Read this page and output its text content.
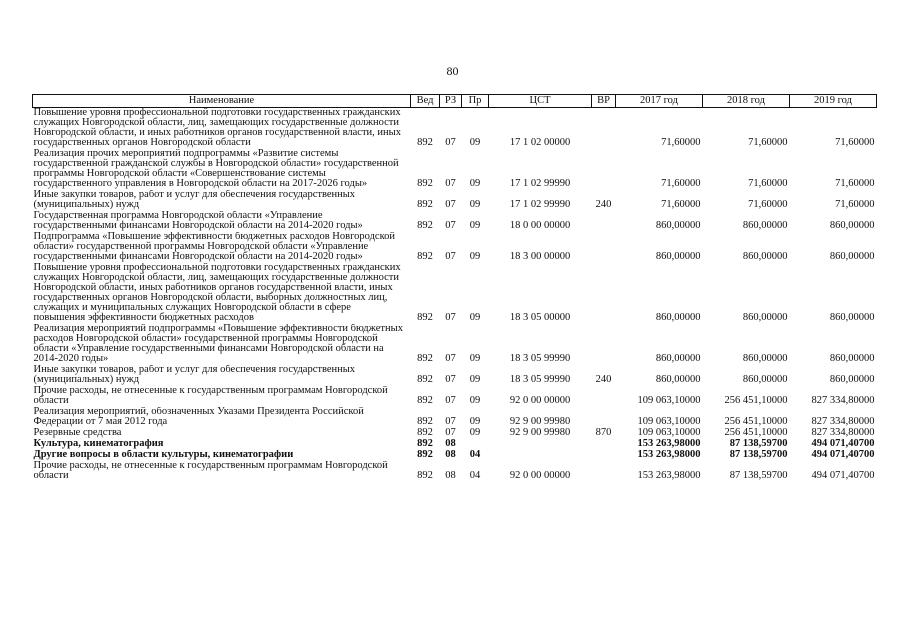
80
Наименование	Вед	РЗ	Пр	ЦСТ	ВР	2017 год	2018 год	2019 год
Повышение уровня профессиональной подготовки государственных гражданских служащих Новгородской области, лиц, замещающих государственные должности Новгородской области, и иных работников органов государственной власти, иных государственных органов Новгородской области	892	07	09	17 1 02 00000		71,60000	71,60000	71,60000
Реализация прочих мероприятий подпрограммы «Развитие системы государственной гражданской службы в Новгородской области» государственной программы Новгородской области «Совершенствование системы государственного управления в Новгородской области на 2017-2026 годы»	892	07	09	17 1 02 99990		71,60000	71,60000	71,60000
Иные закупки товаров, работ и услуг для обеспечения государственных (муниципальных) нужд	892	07	09	17 1 02 99990	240	71,60000	71,60000	71,60000
Государственная программа Новгородской области «Управление государственными финансами Новгородской области на 2014-2020 годы»	892	07	09	18 0 00 00000		860,00000	860,00000	860,00000
Подпрограмма «Повышение эффективности бюджетных расходов Новгородской области» государственной программы Новгородской области «Управление государственными финансами Новгородской области на 2014-2020 годы»	892	07	09	18 3 00 00000		860,00000	860,00000	860,00000
Повышение уровня профессиональной подготовки государственных гражданских служащих Новгородской области, лиц, замещающих государственные должности Новгородской области, иных работников органов государственной власти, иных государственных органов Новгородской области, выборных должностных лиц, служащих и муниципальных служащих Новгородской области в сфере повышения эффективности бюджетных расходов	892	07	09	18 3 05 00000		860,00000	860,00000	860,00000
Реализация мероприятий подпрограммы «Повышение эффективности бюджетных расходов Новгородской области» государственной программы Новгородской области «Управление государственными финансами Новгородской области на 2014-2020 годы»	892	07	09	18 3 05 99990		860,00000	860,00000	860,00000
Иные закупки товаров, работ и услуг для обеспечения государственных (муниципальных) нужд	892	07	09	18 3 05 99990	240	860,00000	860,00000	860,00000
Прочие расходы, не отнесенные к государственным программам Новгородской области	892	07	09	92 0 00 00000		109 063,10000	256 451,10000	827 334,80000
Реализация мероприятий, обозначенных Указами Президента Российской Федерации от 7 мая 2012 года	892	07	09	92 9 00 99980		109 063,10000	256 451,10000	827 334,80000
Резервные средства	892	07	09	92 9 00 99980	870	109 063,10000	256 451,10000	827 334,80000
Культура, кинематография	892	08				153 263,98000	87 138,59700	494 071,40700
Другие вопросы в области культуры, кинематографии	892	08	04			153 263,98000	87 138,59700	494 071,40700
Прочие расходы, не отнесенные к государственным программам Новгородской области	892	08	04	92 0 00 00000		153 263,98000	87 138,59700	494 071,40700
